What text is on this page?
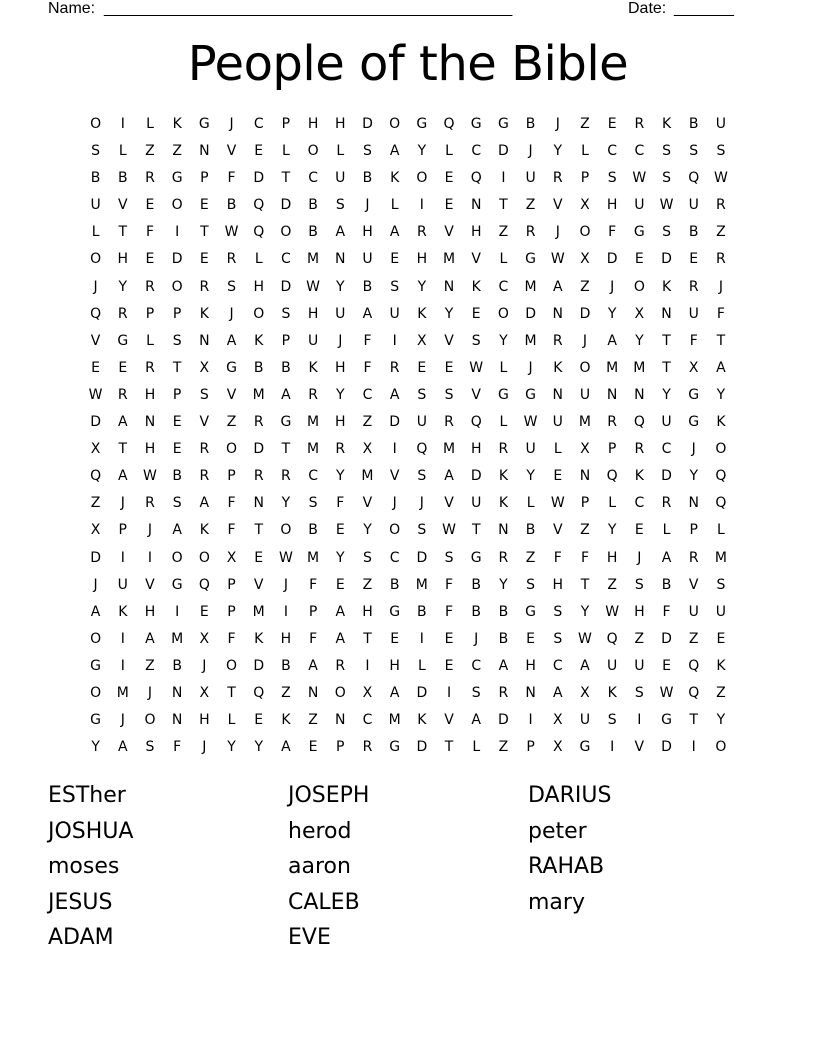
Name: ________________________________________________	Date: _______
People of the Bible
O	I	L	K	G	J	C	P	H	H	D	O	G	Q	G	G	B	J	Z	E	R	K	B	U
S	L	Z	Z	N	V	E	L	O	L	S	A	Y	L	C	D	J	Y	L	C	C	S	S	S
B	B	R	G	P	F	D	T	C	U	B	K	O	E	Q	I	U	R	P	S	W	S	Q	W
U	V	E	O	E	B	Q	D	B	S	J	L	I	E	N	T	Z	V	X	H	U	W	U	R
L	T	F	I	T	W	Q	O	B	A	H	A	R	V	H	Z	R	J	O	F	G	S	B	Z
O	H	E	D	E	R	L	C	M	N	U	E	H	M	V	L	G	W	X	D	E	D	E	R
J	Y	R	O	R	S	H	D	W	Y	B	S	Y	N	K	C	M	A	Z	J	O	K	R	J
Q	R	P	P	K	J	O	S	H	U	A	U	K	Y	E	O	D	N	D	Y	X	N	U	F
V	G	L	S	N	A	K	P	U	J	F	I	X	V	S	Y	M	R	J	A	Y	T	F	T
E	E	R	T	X	G	B	B	K	H	F	R	E	E	W	L	J	K	O	M	M	T	X	A
W	R	H	P	S	V	M	A	R	Y	C	A	S	S	V	G	G	N	U	N	N	Y	G	Y
D	A	N	E	V	Z	R	G	M	H	Z	D	U	R	Q	L	W	U	M	R	Q	U	G	K
X	T	H	E	R	O	D	T	M	R	X	I	Q	M	H	R	U	L	X	P	R	C	J	O
Q	A	W	B	R	P	R	R	C	Y	M	V	S	A	D	K	Y	E	N	Q	K	D	Y	Q
Z	J	R	S	A	F	N	Y	S	F	V	J	J	V	U	K	L	W	P	L	C	R	N	Q
X	P	J	A	K	F	T	O	B	E	Y	O	S	W	T	N	B	V	Z	Y	E	L	P	L
D	I	I	O	O	X	E	W	M	Y	S	C	D	S	G	R	Z	F	F	H	J	A	R	M
J	U	V	G	Q	P	V	J	F	E	Z	B	M	F	B	Y	S	H	T	Z	S	B	V	S
A	K	H	I	E	P	M	I	P	A	H	G	B	F	B	B	G	S	Y	W	H	F	U	U
O	I	A	M	X	F	K	H	F	A	T	E	I	E	J	B	E	S	W	Q	Z	D	Z	E
G	I	Z	B	J	O	D	B	A	R	I	H	L	E	C	A	H	C	A	U	U	E	Q	K
O	M	J	N	X	T	Q	Z	N	O	X	A	D	I	S	R	N	A	X	K	S	W	Q	Z
G	J	O	N	H	L	E	K	Z	N	C	M	K	V	A	D	I	X	U	S	I	G	T	Y
Y	A	S	F	J	Y	Y	A	E	P	R	G	D	T	L	Z	P	X	G	I	V	D	I	O
ESTher	JOSEPH	DARIUS
JOSHUA	herod	peter
moses	aaron	RAHAB
JESUS	CALEB	mary
ADAM	EVE
